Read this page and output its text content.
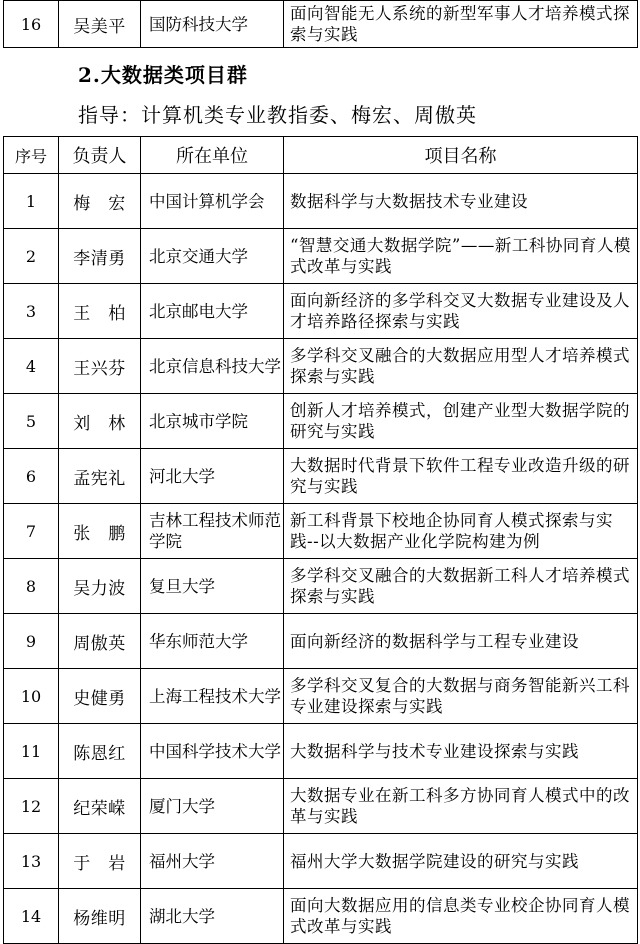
16	吴美平	国防科技大学	面向智能无人系统的新型军事人才培养模式探索与实践
2.大数据类项目群

指导：计算机类专业教指委、梅宏、周傲英

序号	负责人	所在单位	项目名称
1	梅　宏	中国计算机学会	数据科学与大数据技术专业建设
2	李清勇	北京交通大学	“智慧交通大数据学院”——新工科协同育人模式改革与实践
3	王　柏	北京邮电大学	面向新经济的多学科交叉大数据专业建设及人才培养路径探索与实践
4	王兴芬	北京信息科技大学	多学科交叉融合的大数据应用型人才培养模式探索与实践
5	刘　林	北京城市学院	创新人才培养模式，创建产业型大数据学院的研究与实践
6	孟宪礼	河北大学	大数据时代背景下软件工程专业改造升级的研究与实践
7	张　鹏	吉林工程技术师范学院	新工科背景下校地企协同育人模式探索与实践--以大数据产业化学院构建为例
8	吴力波	复旦大学	多学科交叉融合的大数据新工科人才培养模式探索与实践
9	周傲英	华东师范大学	面向新经济的数据科学与工程专业建设
10	史健勇	上海工程技术大学	多学科交叉复合的大数据与商务智能新兴工科专业建设探索与实践
11	陈恩红	中国科学技术大学	大数据科学与技术专业建设探索与实践
12	纪荣嵘	厦门大学	大数据专业在新工科多方协同育人模式中的改革与实践
13	于　岩	福州大学	福州大学大数据学院建设的研究与实践
14	杨维明	湖北大学	面向大数据应用的信息类专业校企协同育人模式改革与实践
